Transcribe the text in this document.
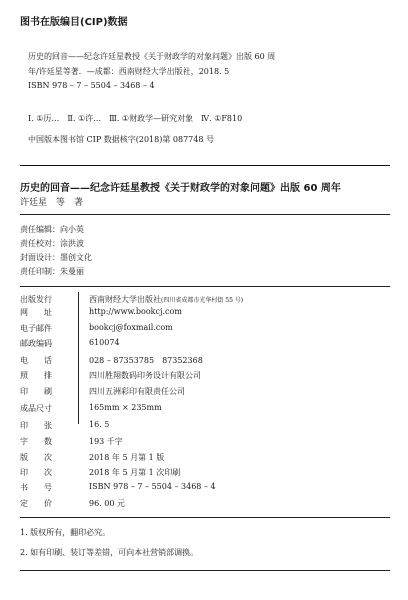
图书在版编目(CIP)数据
历史的回音——纪念许廷星教授《关于财政学的对象问题》出版 60 周
年/许廷星等著．—成都：西南财经大学出版社，2018. 5
ISBN 978 – 7 – 5504 – 3468 – 4
Ⅰ. ①历…　Ⅱ. ①许…　Ⅲ. ①财政学—研究对象　Ⅳ. ①F810
中国版本图书馆 CIP 数据核字(2018)第 087748 号
历史的回音——纪念许廷星教授《关于财政学的对象问题》出版 60 周年
许廷星　等　著
责任编辑：向小英
责任校对：涂洪波
封面设计：墨创文化
责任印制：朱曼丽
出版发行	西南财经大学出版社(四川省成都市光华村街 55 号)
网　　址	http://www.bookcj.com
电子邮件	bookcj@foxmail.com
邮政编码	610074
电　　话	028 – 87353785　87352368
照　　排	四川胜翔数码印务设计有限公司
印　　刷	四川五洲彩印有限责任公司
成品尺寸	165mm × 235mm
印　　张	16. 5
字　　数	193 千字
版　　次	2018 年 5 月第 1 版
印　　次	2018 年 5 月第 1 次印刷
书　　号	ISBN 978 – 7 – 5504 – 3468 – 4
定　　价	96. 00 元
1. 版权所有，翻印必究。
2. 如有印刷、装订等差错，可向本社营销部调换。
